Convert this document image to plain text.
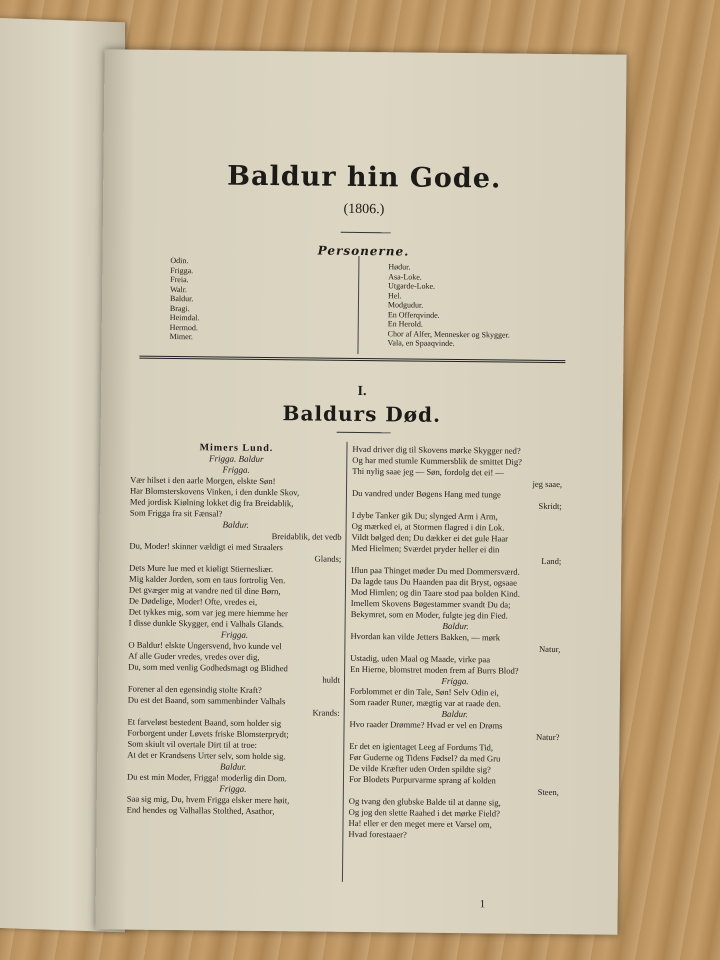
Baldur hin Gode.
(1806.)
Personerne.
Odin.
Frigga.
Freia.
Walr.
Baldur.
Bragi.
Heimdal.
Hermod.
Mimer.
Hødur.
Asa-Loke.
Utgarde-Loke.
Hel.
Modgudur.
En Offerqvinde.
En Herold.
Chor af Alfer, Mennesker og Skygger.
Vala, en Spaaqvinde.
I.
Baldurs Død.
Mimers Lund.
Frigga. Baldur
Frigga.
Vær hilset i den aarle Morgen, elskte Søn!
Har Blomsterskovens Vinken, i den dunkle Skov,
Med jordisk Kiølning lokket dig fra Breidablik,
Som Frigga fra sit Fænsal?
Baldur.
Breidablik, det vedb
Du, Moder! skinner vældigt ei med Straalers
Glands;
Dets Mure lue med et kiøligt Stiernesliær.
Mig kalder Jorden, som en taus fortrolig Ven.
Det gvæger mig at vandre ned til dine Børn,
De Dødelige, Moder! Ofte, vredes ei,
Det tykkes mig, som var jeg mere hiemme her
I disse dunkle Skygger, end i Valhals Glands.
Frigga.
O Baldur! elskte Ungersvend, hvo kunde vel
Af alle Guder vredes, vredes over dig,
Du, som med venlig Godhedsmagt og Blidhed
huldt
Forener al den egensindig stolte Kraft?
Du est det Baand, som sammenbinder Valhals
Krands:
Et farveløst bestedent Baand, som holder sig
Forborgent under Løvets friske Blomsterprydt;
Som skiult vil overtale Dirt til at troe:
At det er Krandsens Urter selv, som holde sig.
Baldur.
Du est min Moder, Frigga! moderlig din Dom.
Frigga.
Saa sig mig, Du, hvem Frigga elsker mere høit,
End hendes og Valhallas Stolthed, Asathor,
Hvad driver dig til Skovens mørke Skygger ned?
Og har med stumle Kummersblik de smittet Dig?
Thi nylig saae jeg — Søn, fordolg det ei! —
jeg saae,
Du vandred under Bøgens Hang med tunge
Skridt;
I dybe Tanker gik Du; slynged Arm i Arm,
Og mærked ei, at Stormen flagred i din Lok.
Vildt bølged den; Du dækker ei det gule Haar
Med Hielmen; Sværdet pryder heller ei din
Land;
Iflun paa Thinget møder Du med Dommersværd.
Da lagde taus Du Haanden paa dit Bryst, ogsaae
Mod Himlen; og din Taare stod paa bolden Kind.
Imellem Skovens Bøgestammer svandt Du da;
Bekymret, som en Moder, fulgte jeg din Fied.
Baldur.
Hvordan kan vilde Jetters Bakken, — mørk
Natur,
Ustadig, uden Maal og Maade, virke paa
En Hierne, blomstret moden frem af Burrs Blod?
Frigga.
Forblommet er din Tale, Søn! Selv Odin ei,
Som raader Runer, mægtig var at raade den.
Baldur.
Hvo raader Drømme? Hvad er vel en Drøms
Natur?
Er det en igientaget Leeg af Fordums Tid,
Før Guderne og Tidens Fødsel? da med Gru
De vilde Kræfter uden Orden spildte sig?
For Blodets Purpurvarme sprang af kolden
Steen,
Og tvang den glubske Balde til at danne sig,
Og jog den slette Raahed i det mørke Field?
Ha! eller er den meget mere et Varsel om,
Hvad forestaaer?
1
